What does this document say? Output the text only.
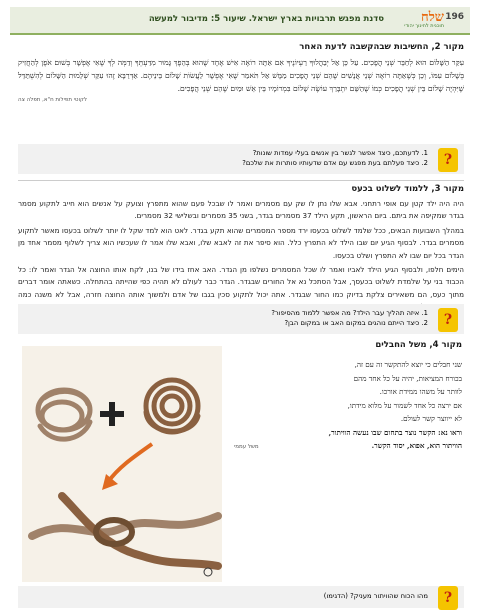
196
שלח
תוכנית לחינוך יהודי
סדנת מפגש תרבויות בארץ ישראל. שיעור 5: מדיבור למעשה
מקור 2, החשיבות שבהקשבה לדעת האחר
עִקַּר הַשָּׁלוֹם הוּא לְחַבֵּר שְׁנֵי הֲפָכִים. עַל כֵּן אַל יְבַהֲלוּךָ רַעְיוֹנֶיךָ אִם אַתָּה רוֹאֶה אִישׁ אֶחָד שֶׁהוּא בְּהֵפֶךְ גָּמוּר מִדַּעְתְּךָ וְדַמְּה לְךָ שֶׁאִי אֶפְשָׁר בְּשׁוּם אֹפֶן לְהַחֲזִיק בְּשָׁלוֹם עִמּוֹ, וְכֵן כְּשֶׁאַתָּה רוֹאֶה שְׁנֵי אֲנָשִׁים שֶׁהֵם שְׁנֵי הֲפָכִים מַמָּשׁ אַל תֹּאמַר שֶׁאִי אֶפְשָׁר לַעֲשׂוֹת שָׁלוֹם בֵּינֵיהֶם. אַדְּרַבָּא זֶהוּ עִקַּר שְׁלֵמוּת הַשָּׁלוֹם לְהִשְׁתַּדֵּל שֶׁיִּהְיֶה שָׁלוֹם בֵּין שְׁנֵי הֲפָכִים כְּמוֹ שֶׁהַשֵּׁם יִתְבָּרַךְ עוֹשֶׂה שָׁלוֹם בִּמְרוֹמָיו בֵּין אֵשׁ וּמַיִם שֶׁהֵם שְׁנֵי הֲפָכִים.
לקוטי תפילות ח"א, תפלה צה
?
1. לדעתכם, כיצד אפשר לגשר בין אנשים בעלי עמדות שונות?
2. כיצד פעלתם בעת מפגש עם אדם שדעותיו סותרות את שלכם?
מקור 3, ללמוד לשלוט בכעס
היה היה ילד קטן עם אופי רתחני. אבא שלו נתן לו שק עם מסמרים ואמר לו שבכל פעם שהוא מתפרץ וצועק על אנשים הוא חייב לתקוע מסמר בגדר שמקיפה את ביתם. ביום הראשון, תקע הילד 37 מסמרים בגדר, בשני 35 מסמרים ובשלישי 32 מסמרים.
במהלך השבועות הבאים, ככל שלמד לשלוט בכעסו ירד מספר המסמרים שהוא תקע בגדר. לאט הוא למד שקל לו יותר לשלוט בכעסו מאשר לתקוע מסמרים בגדר. לבסוף הגיע יום שבו הילד לא התפרץ כלל. הוא סיפר את זה לאבא שלו, ואבא שלו אמר לו שעכשיו הוא צריך לשלוף מסמר אחד מן הגדר בכל יום שבו לא התפרץ ושלט בכעסו.
הימים חלפו, ולבסוף הגיע הילד לאביו ואמר לו שכל המסמרים נשלפו מן הגדר. האב אחז בידו של בנו, לקח אותו החוצה אל הגדר ואמר לו: כל הכבוד בני על שלמדת לשלוט בכעסך, אבל הסתכל נא אל החורים שבגדר. הגדר כבר לעולם לא תהיה כפי שהייתה בהתחלה. כשאתה אומר דברים מתוך כעס, הם משאירים צלקת בדיוק כמו החור שבגדר. אתה יכול לתקוע סכין בגבו של אדם ולמשוך אותה החוצה חזרה, אבל לא משנה כמה
?
1. איזה תהליך עבר הילד? מה אפשר ללמוד מהסיפור?
2. כיצד הייתם נוהגים במקום האב או במקום הבן?
מקור 4, משל החבלים
שני חבלים כי יוצא להתקשר זה עם זה,
בכורח המציאות, יהיה על כל אחד מהם
לוותר על משהו ממידת אורכו.
אם ירצה כל אחד לשמור על מלוא מידתו,
לא ייווצר קשר לעולם.
וראו נא: הקשר נוצר בתחום שבו נעשה הוויתור,
הוויתור הוא, אפוא, יסוד הקשר.
משל עממי
?
מהו הכוח שהוויתור מעניק? (הדגימו)
